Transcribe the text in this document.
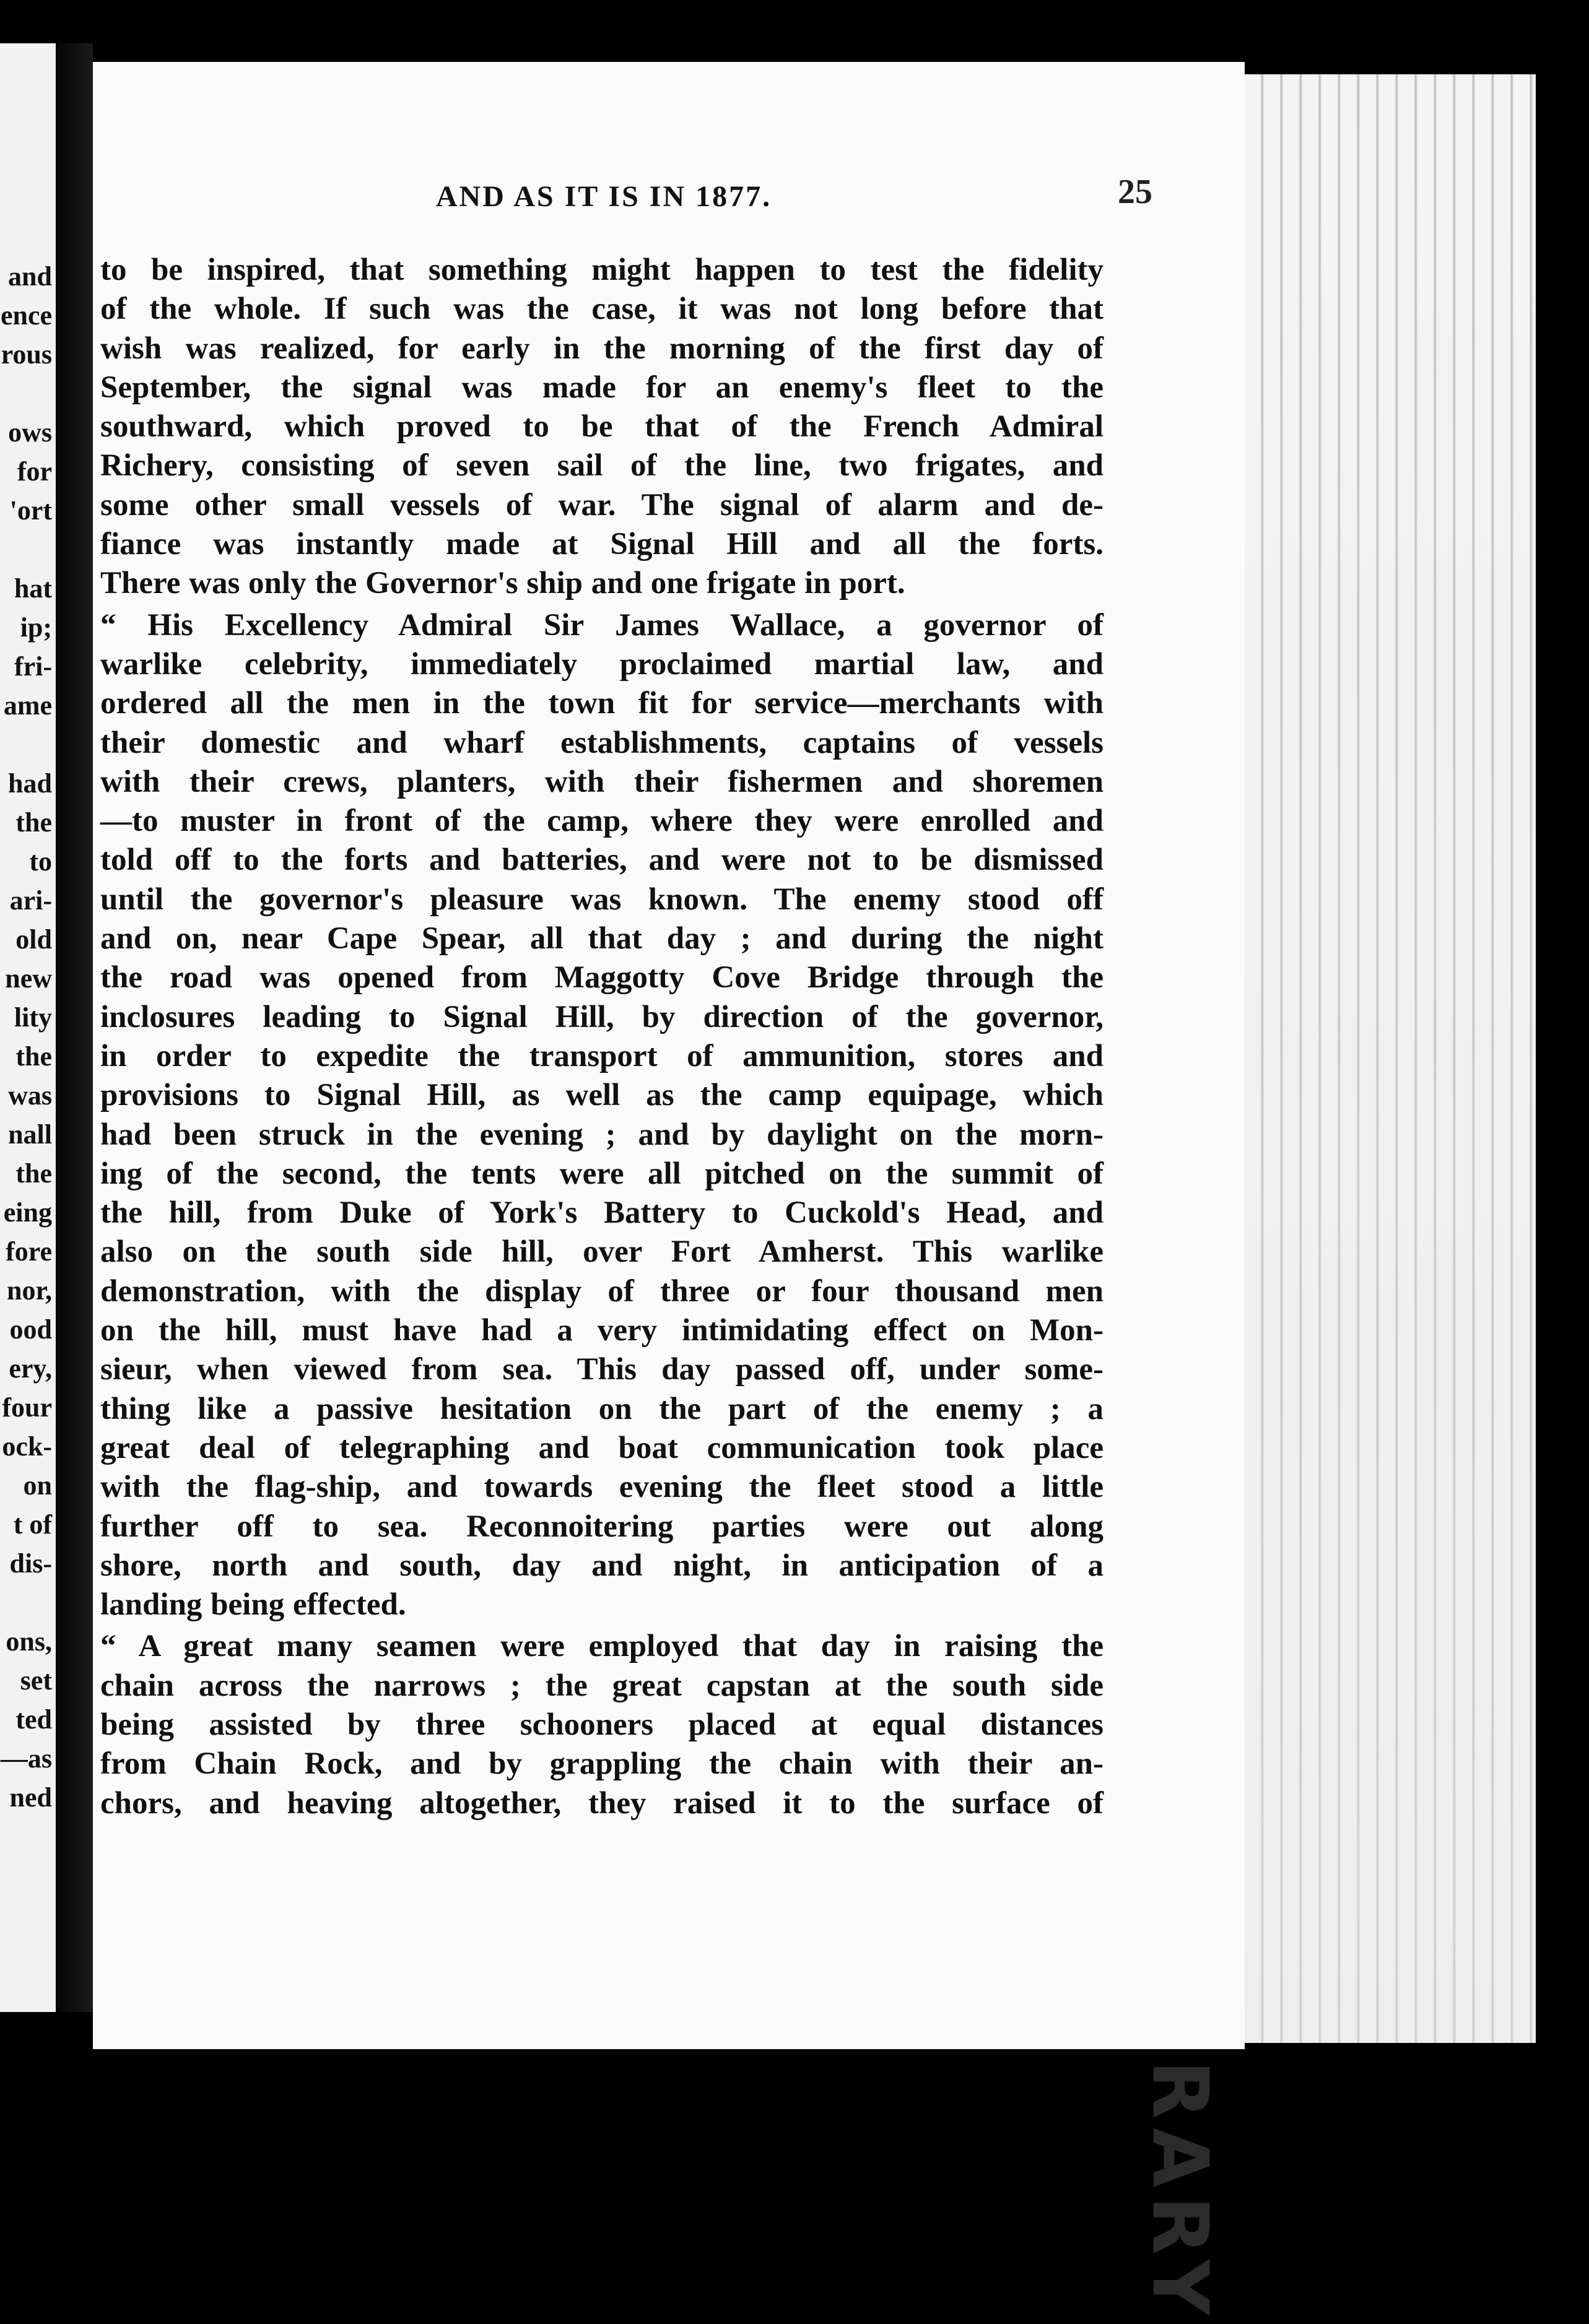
and
ence
rous
ows
for
'ort
hat
ip;
fri-
ame
had
the
to
ari-
old
new
lity
the
was
nall
the
eing
fore
nor,
ood
ery,
four
ock-
on
t of
dis-
ons,
set
ted
—as
ned
AND AS IT IS IN 1877.	25
to be inspired, that something might happen to test the fidelity
of the whole. If such was the case, it was not long before that
wish was realized, for early in the morning of the first day of
September, the signal was made for an enemy's fleet to the
southward, which proved to be that of the French Admiral
Richery, consisting of seven sail of the line, two frigates, and
some other small vessels of war. The signal of alarm and de-
fiance was instantly made at Signal Hill and all the forts.
There was only the Governor's ship and one frigate in port.
“ His Excellency Admiral Sir James Wallace, a governor of
warlike celebrity, immediately proclaimed martial law, and
ordered all the men in the town fit for service—merchants with
their domestic and wharf establishments, captains of vessels
with their crews, planters, with their fishermen and shoremen
—to muster in front of the camp, where they were enrolled and
told off to the forts and batteries, and were not to be dismissed
until the governor's pleasure was known. The enemy stood off
and on, near Cape Spear, all that day ; and during the night
the road was opened from Maggotty Cove Bridge through the
inclosures leading to Signal Hill, by direction of the governor,
in order to expedite the transport of ammunition, stores and
provisions to Signal Hill, as well as the camp equipage, which
had been struck in the evening ; and by daylight on the morn-
ing of the second, the tents were all pitched on the summit of
the hill, from Duke of York's Battery to Cuckold's Head, and
also on the south side hill, over Fort Amherst. This warlike
demonstration, with the display of three or four thousand men
on the hill, must have had a very intimidating effect on Mon-
sieur, when viewed from sea. This day passed off, under some-
thing like a passive hesitation on the part of the enemy ; a
great deal of telegraphing and boat communication took place
with the flag-ship, and towards evening the fleet stood a little
further off to sea. Reconnoitering parties were out along
shore, north and south, day and night, in anticipation of a
landing being effected.
“ A great many seamen were employed that day in raising the
chain across the narrows ; the great capstan at the south side
being assisted by three schooners placed at equal distances
from Chain Rock, and by grappling the chain with their an-
chors, and heaving altogether, they raised it to the surface of
